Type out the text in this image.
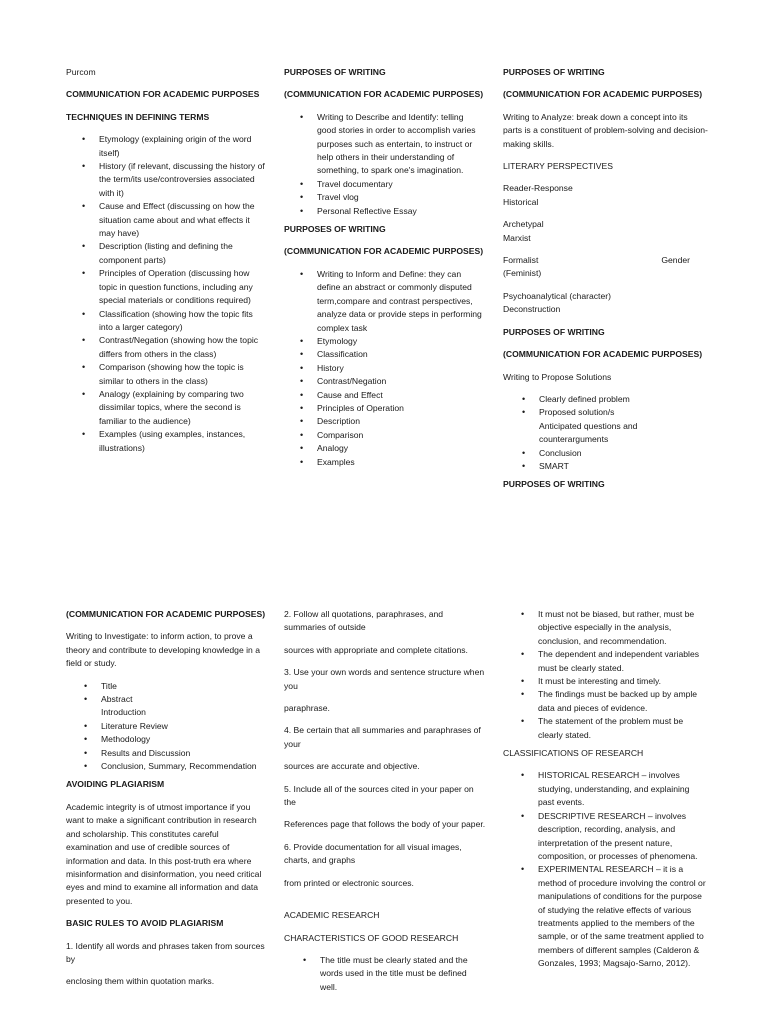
Purcom

COMMUNICATION FOR ACADEMIC PURPOSES

TECHNIQUES IN DEFINING TERMS

• Etymology (explaining origin of the word itself)
• History (if relevant, discussing the history of the term/its use/controversies associated with it)
• Cause and Effect (discussing on how the situation came about and what effects it may have)
• Description (listing and defining the component parts)
• Principles of Operation (discussing how topic in question functions, including any special materials or conditions required)
• Classification (showing how the topic fits into a larger category)
• Contrast/Negation (showing how the topic differs from others in the class)
• Comparison (showing how the topic is similar to others in the class)
• Analogy (explaining by comparing two dissimilar topics, where the second is familiar to the audience)
• Examples (using examples, instances, illustrations)

PURPOSES OF WRITING

(COMMUNICATION FOR ACADEMIC PURPOSES)

• Writing to Describe and Identify: telling good stories in order to accomplish varies purposes such as entertain, to instruct or help others in their understanding of something, to spark one's imagination.
• Travel documentary
• Travel vlog
• Personal Reflective Essay

PURPOSES OF WRITING

(COMMUNICATION FOR ACADEMIC PURPOSES)

• Writing to Inform and Define: they can define an abstract or commonly disputed term,compare and contrast perspectives, analyze data or provide steps in performing complex task
• Etymology
• Classification
• History
• Contrast/Negation
• Cause and Effect
• Principles of Operation
• Description
• Comparison
• Analogy
• Examples

PURPOSES OF WRITING

(COMMUNICATION FOR ACADEMIC PURPOSES)

Writing to Analyze: break down a concept into its parts is a constituent of problem-solving and decision-making skills.

LITERARY PERSPECTIVES

Reader-Response
Historical

Archetypal
Marxist

Formalist	Gender
(Feminist)

Psychoanalytical (character)
Deconstruction

PURPOSES OF WRITING

(COMMUNICATION FOR ACADEMIC PURPOSES)

Writing to Propose Solutions

• Clearly defined problem
• Proposed solution/s
Anticipated questions and counterarguments
• Conclusion
• SMART

PURPOSES OF WRITING

(COMMUNICATION FOR ACADEMIC PURPOSES)

Writing to Investigate: to inform action, to prove a theory and contribute to developing knowledge in a field or study.

• Title
• Abstract
Introduction
• Literature Review
• Methodology
• Results and Discussion
• Conclusion, Summary, Recommendation

AVOIDING PLAGIARISM

Academic integrity is of utmost importance if you want to make a significant contribution in research and scholarship. This constitutes careful examination and use of credible sources of information and data. In this post-truth era where misinformation and disinformation, you need critical eyes and mind to examine all information and data presented to you.

BASIC RULES TO AVOID PLAGIARISM

1. Identify all words and phrases taken from sources by

enclosing them within quotation marks.

2. Follow all quotations, paraphrases, and summaries of outside

sources with appropriate and complete citations.

3. Use your own words and sentence structure when you

paraphrase.

4. Be certain that all summaries and paraphrases of your

sources are accurate and objective.

5. Include all of the sources cited in your paper on the

References page that follows the body of your paper.

6. Provide documentation for all visual images, charts, and graphs

from printed or electronic sources.

ACADEMIC RESEARCH

CHARACTERISTICS OF GOOD RESEARCH

• The title must be clearly stated and the words used in the title must be defined well.
• It must not be biased, but rather, must be objective especially in the analysis, conclusion, and recommendation.
• The dependent and independent variables must be clearly stated.
• It must be interesting and timely.
• The findings must be backed up by ample data and pieces of evidence.
• The statement of the problem must be clearly stated.

CLASSIFICATIONS OF RESEARCH

• HISTORICAL RESEARCH – involves studying, understanding, and explaining past events.
• DESCRIPTIVE RESEARCH – involves description, recording, analysis, and interpretation of the present nature, composition, or processes of phenomena.
• EXPERIMENTAL RESEARCH – it is a method of procedure involving the control or manipulations of conditions for the purpose of studying the relative effects of various treatments applied to the members of the sample, or of the same treatment applied to members of different samples (Calderon & Gonzales, 1993; Magsajo-Sarno, 2012).
